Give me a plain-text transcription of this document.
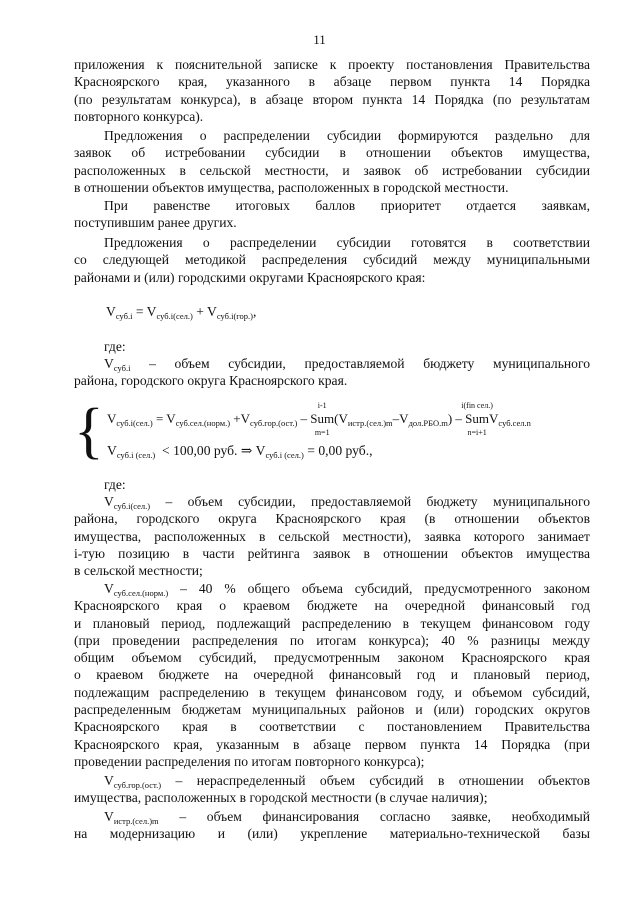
11
приложения к пояснительной записке к проекту постановления Правительства
Красноярского края, указанного в абзаце первом пункта 14 Порядка
(по результатам конкурса), в абзаце втором пункта 14 Порядка (по результатам
повторного конкурса).
Предложения о распределении субсидии формируются раздельно для
заявок об истребовании субсидии в отношении объектов имущества,
расположенных в сельской местности, и заявок об истребовании субсидии
в отношении объектов имущества, расположенных в городской местности.
При равенстве итоговых баллов приоритет отдается заявкам,
поступившим ранее других.
Предложения о распределении субсидии готовятся в соответствии
со следующей методикой распределения субсидий между муниципальными
районами и (или) городскими округами Красноярского края:
$V_{суб.i} = V_{суб.i(сел.)} + V_{суб.i(гор.)}$,
где:
$V_{суб.i}$ – объем субсидии, предоставляемой бюджету муниципального
района, городского округа Красноярского края.
{ $V_{суб.i(сел.)} = V_{суб.сел.(норм.)} +V_{суб.гор.(ост.)}$ –
i-1
Sum
m=1
$(V_{истр.(сел.)m}-V_{дол.РБО.m})$ –
i(fin сел.)
Sum
n=i+1
$V_{суб.сел.n}$
$V_{суб.i (сел.)} < 100,00$ руб. ⇒ $V_{суб.i (сел.)} = 0,00$ руб.,
где:
$V_{суб.i(сел.)}$ – объем субсидии, предоставляемой бюджету муниципального
района, городского округа Красноярского края (в отношении объектов
имущества, расположенных в сельской местности), заявка которого занимает
i-тую позицию в части рейтинга заявок в отношении объектов имущества
в сельской местности;
$V_{суб.сел.(норм.)} - 40$ % общего объема субсидий, предусмотренного законом
Красноярского края о краевом бюджете на очередной финансовый год
и плановый период, подлежащий распределению в текущем финансовом году
(при проведении распределения по итогам конкурса); 40 % разницы между
общим объемом субсидий, предусмотренным законом Красноярского края
о краевом бюджете на очередной финансовый год и плановый период,
подлежащим распределению в текущем финансовом году, и объемом субсидий,
распределенным бюджетам муниципальных районов и (или) городских округов
Красноярского края в соответствии с постановлением Правительства
Красноярского края, указанным в абзаце первом пункта 14 Порядка (при
проведении распределения по итогам повторного конкурса);
$V_{суб.гор.(ост.)}$ – нераспределенный объем субсидий в отношении объектов
имущества, расположенных в городской местности (в случае наличия);
$V_{истр.(сел.)m}$ – объем финансирования согласно заявке, необходимый
на модернизацию и (или) укрепление материально-технической базы
